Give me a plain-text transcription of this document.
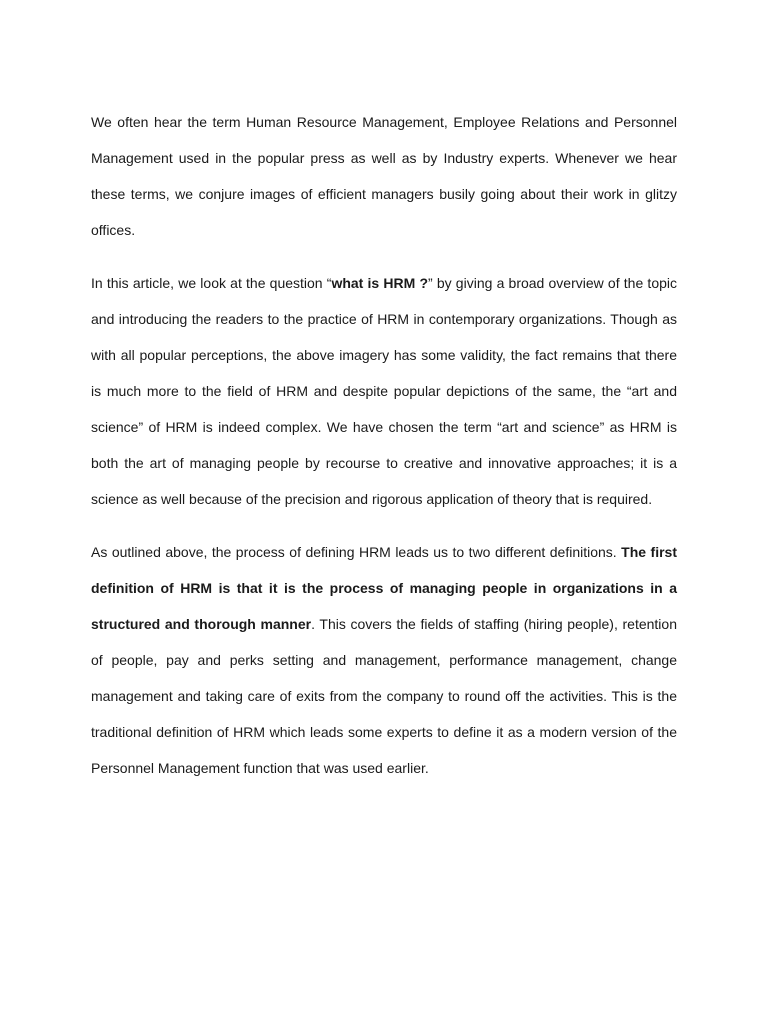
We often hear the term Human Resource Management, Employee Relations and Personnel Management used in the popular press as well as by Industry experts. Whenever we hear these terms, we conjure images of efficient managers busily going about their work in glitzy offices.

In this article, we look at the question “what is HRM ?” by giving a broad overview of the topic and introducing the readers to the practice of HRM in contemporary organizations. Though as with all popular perceptions, the above imagery has some validity, the fact remains that there is much more to the field of HRM and despite popular depictions of the same, the “art and science” of HRM is indeed complex. We have chosen the term “art and science” as HRM is both the art of managing people by recourse to creative and innovative approaches; it is a science as well because of the precision and rigorous application of theory that is required.

As outlined above, the process of defining HRM leads us to two different definitions. The first definition of HRM is that it is the process of managing people in organizations in a structured and thorough manner. This covers the fields of staffing (hiring people), retention of people, pay and perks setting and management, performance management, change management and taking care of exits from the company to round off the activities. This is the traditional definition of HRM which leads some experts to define it as a modern version of the Personnel Management function that was used earlier.
